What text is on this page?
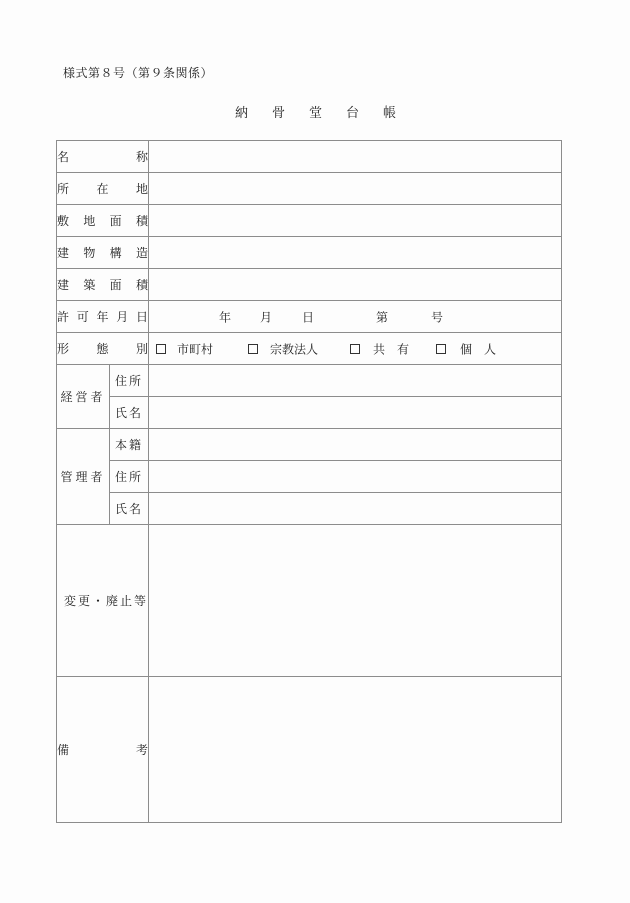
様式第８号（第９条関係）
納 骨 堂 台 帳
名 称		

所 在 地		

敷 地 面 積		

建 物 構 造		

建 築 面 積		

許 可 年 月 日		年 月 日 第 号

形 態 別		市町村 宗教法人 共　有 個　人

経営者	住所	
	氏名	
管理者	本籍	
	住所	
	氏名	
変更・廃止等		

備 考		
